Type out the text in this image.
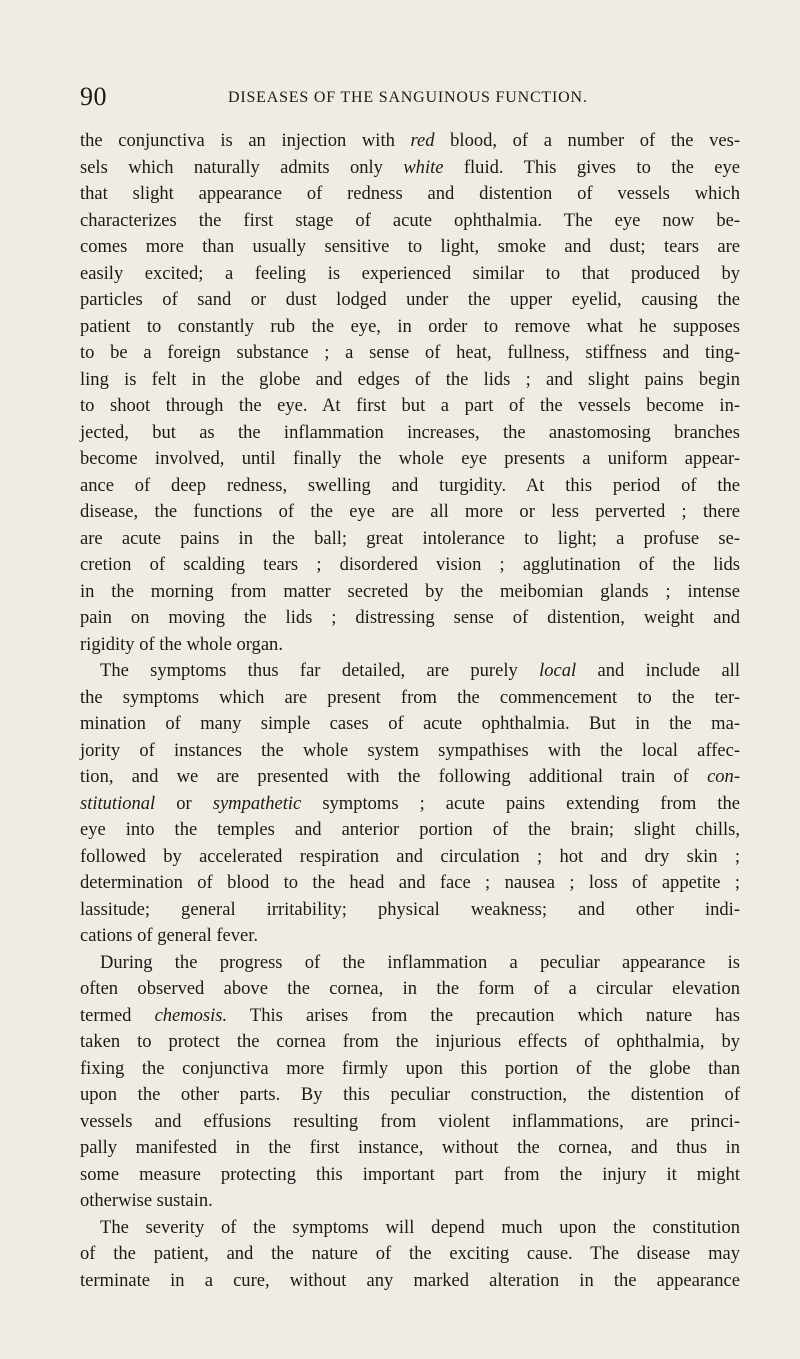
90	DISEASES OF THE SANGUINOUS FUNCTION.
the conjunctiva is an injection with red blood, of a number of the ves-
sels which naturally admits only white fluid. This gives to the eye
that slight appearance of redness and distention of vessels which
characterizes the first stage of acute ophthalmia. The eye now be-
comes more than usually sensitive to light, smoke and dust; tears are
easily excited; a feeling is experienced similar to that produced by
particles of sand or dust lodged under the upper eyelid, causing the
patient to constantly rub the eye, in order to remove what he supposes
to be a foreign substance ; a sense of heat, fullness, stiffness and ting-
ling is felt in the globe and edges of the lids ; and slight pains begin
to shoot through the eye. At first but a part of the vessels become in-
jected, but as the inflammation increases, the anastomosing branches
become involved, until finally the whole eye presents a uniform appear-
ance of deep redness, swelling and turgidity. At this period of the
disease, the functions of the eye are all more or less perverted ; there
are acute pains in the ball; great intolerance to light; a profuse se-
cretion of scalding tears ; disordered vision ; agglutination of the lids
in the morning from matter secreted by the meibomian glands ; intense
pain on moving the lids ; distressing sense of distention, weight and
rigidity of the whole organ.
The symptoms thus far detailed, are purely local and include all
the symptoms which are present from the commencement to the ter-
mination of many simple cases of acute ophthalmia. But in the ma-
jority of instances the whole system sympathises with the local affec-
tion, and we are presented with the following additional train of con-
stitutional or sympathetic symptoms ; acute pains extending from the
eye into the temples and anterior portion of the brain; slight chills,
followed by accelerated respiration and circulation ; hot and dry skin ;
determination of blood to the head and face ; nausea ; loss of appetite ;
lassitude; general irritability; physical weakness; and other indi-
cations of general fever.
During the progress of the inflammation a peculiar appearance is
often observed above the cornea, in the form of a circular elevation
termed chemosis. This arises from the precaution which nature has
taken to protect the cornea from the injurious effects of ophthalmia, by
fixing the conjunctiva more firmly upon this portion of the globe than
upon the other parts. By this peculiar construction, the distention of
vessels and effusions resulting from violent inflammations, are princi-
pally manifested in the first instance, without the cornea, and thus in
some measure protecting this important part from the injury it might
otherwise sustain.
The severity of the symptoms will depend much upon the constitution
of the patient, and the nature of the exciting cause. The disease may
terminate in a cure, without any marked alteration in the appearance
